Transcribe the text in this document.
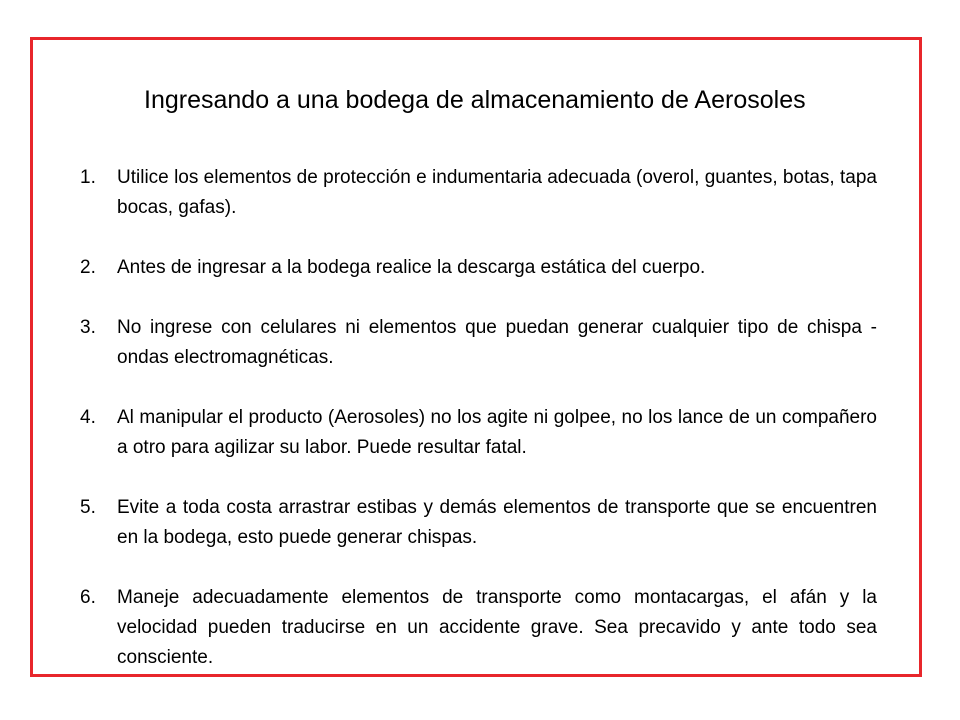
Ingresando a una bodega de almacenamiento de Aerosoles
1. Utilice los elementos de protección e indumentaria adecuada (overol, guantes, botas, tapa bocas, gafas).
2. Antes de ingresar a la bodega realice la descarga estática del cuerpo.
3. No ingrese con celulares ni elementos que puedan generar cualquier tipo de chispa - ondas electromagnéticas.
4. Al manipular el producto (Aerosoles) no los agite ni golpee, no los lance de un compañero a otro para agilizar su labor. Puede resultar fatal.
5. Evite a toda costa arrastrar estibas y demás elementos de transporte que se encuentren en la bodega, esto puede generar chispas.
6. Maneje adecuadamente elementos de transporte como montacargas, el afán y la velocidad pueden traducirse en un accidente grave. Sea precavido y ante todo sea consciente.
